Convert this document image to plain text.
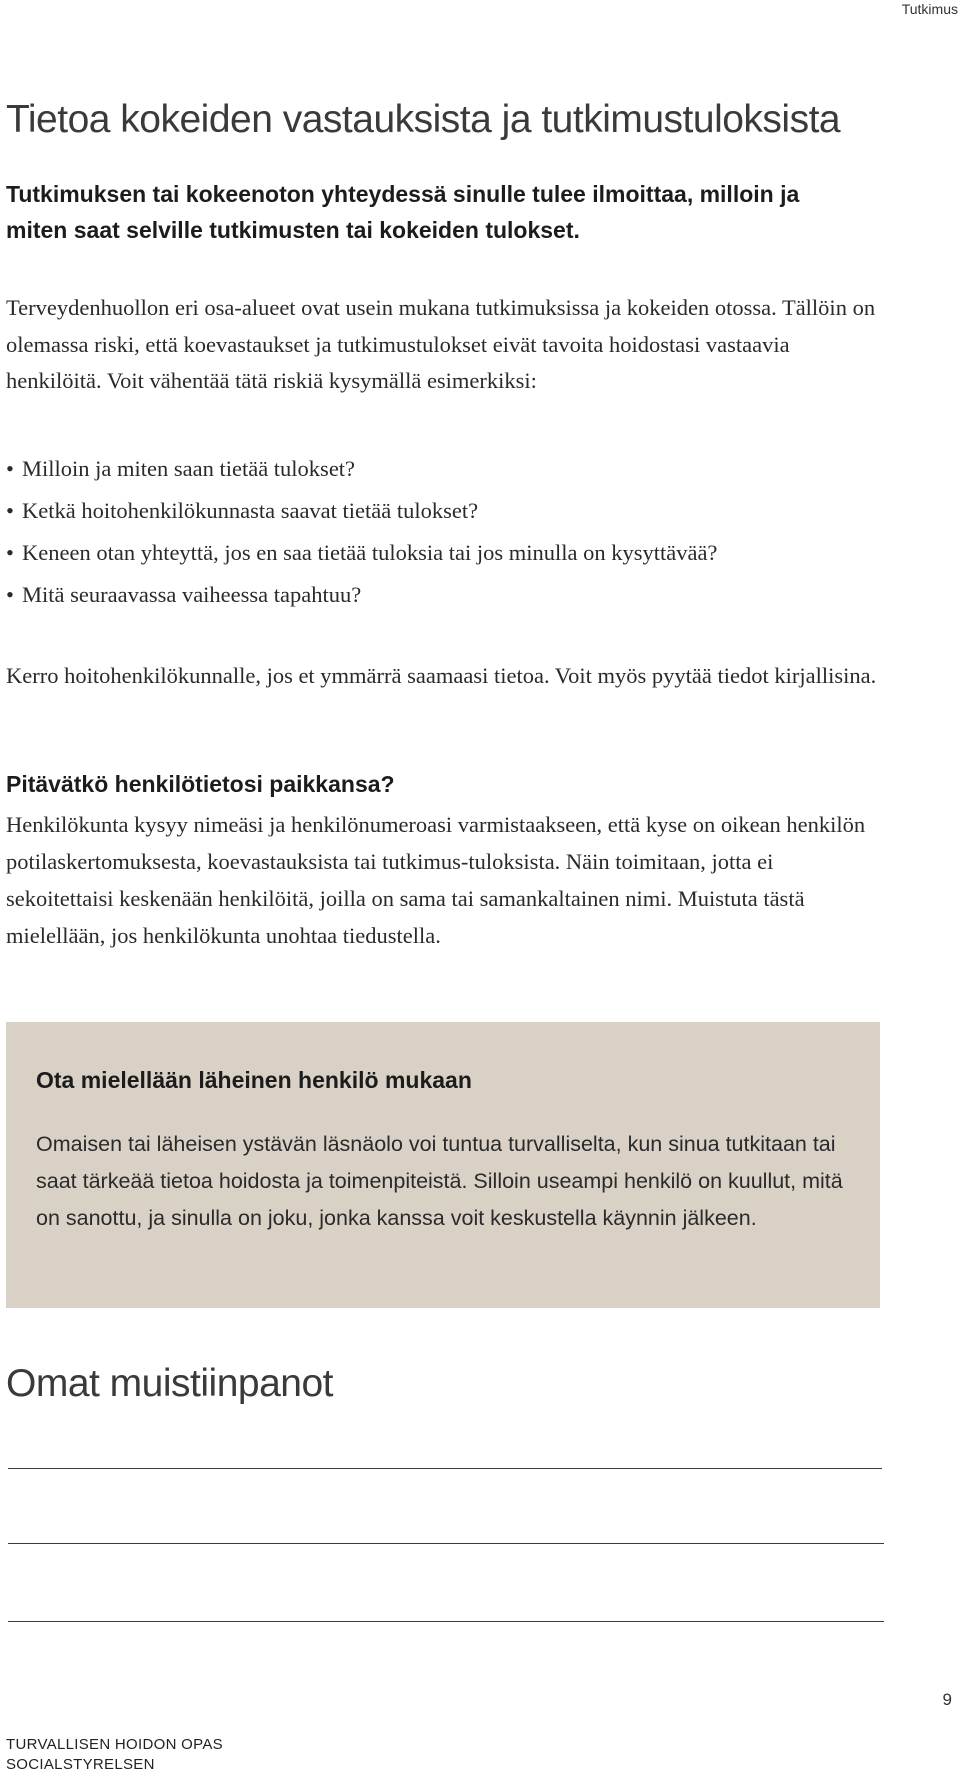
Tutkimus
Tietoa kokeiden vastauksista ja tutkimustuloksista

Tutkimuksen tai kokeenoton yhteydessä sinulle tulee ilmoittaa, milloin ja miten saat selville tutkimusten tai kokeiden tulokset.

Terveydenhuollon eri osa-alueet ovat usein mukana tutkimuksissa ja kokeiden otossa. Tällöin on olemassa riski, että koevastaukset ja tutkimustulokset eivät tavoita hoidostasi vastaavia henkilöitä. Voit vähentää tätä riskiä kysymällä esimerkiksi:

• Milloin ja miten saan tietää tulokset?
• Ketkä hoitohenkilökunnasta saavat tietää tulokset?
• Keneen otan yhteyttä, jos en saa tietää tuloksia tai jos minulla on kysyttävää?
• Mitä seuraavassa vaiheessa tapahtuu?

Kerro hoitohenkilökunnalle, jos et ymmärrä saamaasi tietoa. Voit myös pyytää tiedot kirjallisina.

Pitävätkö henkilötietosi paikkansa?

Henkilökunta kysyy nimeäsi ja henkilönumeroasi varmistaakseen, että kyse on oikean henkilön potilaskertomuksesta, koevastauksista tai tutkimus-tuloksista. Näin toimitaan, jotta ei sekoitettaisi keskenään henkilöitä, joilla on sama tai samankaltainen nimi. Muistuta tästä mielellään, jos henkilökunta unohtaa tiedustella.

Ota mielellään läheinen henkilö mukaan

Omaisen tai läheisen ystävän läsnäolo voi tuntua turvalliselta, kun sinua tutkitaan tai saat tärkeää tietoa hoidosta ja toimenpiteistä. Silloin useampi henkilö on kuullut, mitä on sanottu, ja sinulla on joku, jonka kanssa voit keskustella käynnin jälkeen.

Omat muistiinpanot
9
TURVALLISEN HOIDON OPAS
SOCIALSTYRELSEN
